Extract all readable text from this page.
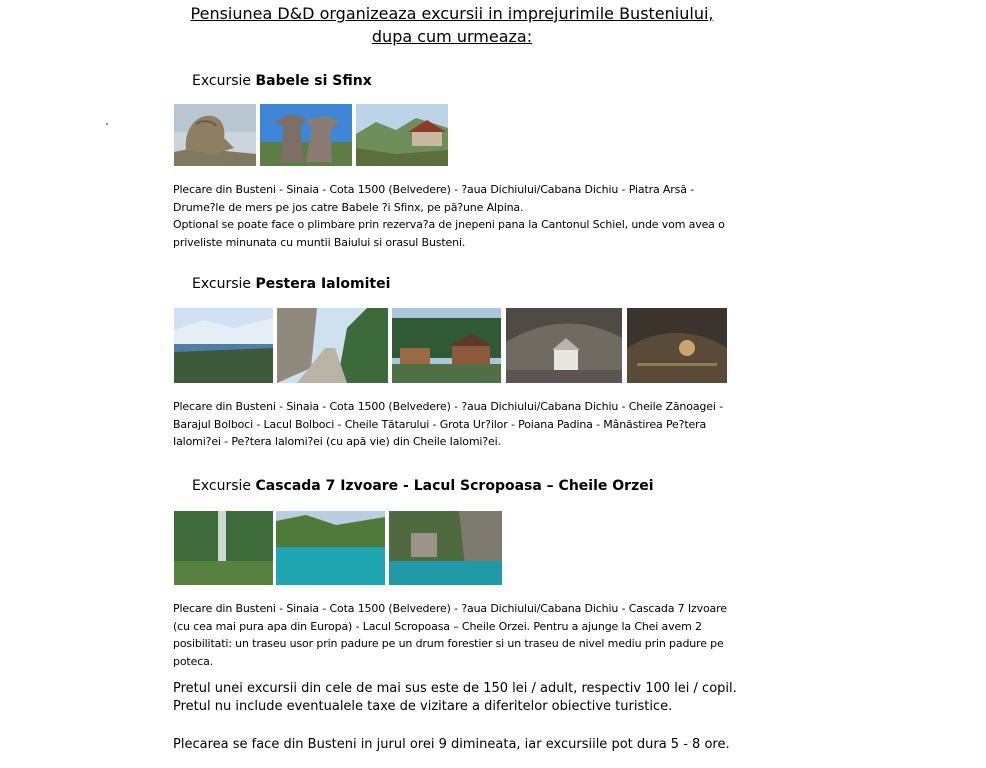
Pensiunea D&D organizeaza excursii in imprejurimile Busteniului,
dupa cum urmeaza:
Excursie Babele si Sfinx
Plecare din Busteni - Sinaia - Cota 1500 (Belvedere) - ?aua Dichiului/Cabana Dichiu - Piatra Arsă -
Drume?le de mers pe jos catre Babele ?i Sfinx, pe pă?une Alpina.
Optional se poate face o plimbare prin rezerva?a de jnepeni pana la Cantonul Schiel, unde vom avea o
priveliste minunata cu muntii Baiului si orasul Busteni.
Excursie Pestera Ialomitei
Plecare din Busteni - Sinaia - Cota 1500 (Belvedere) - ?aua Dichiului/Cabana Dichiu - Cheile Zănoagei -
Barajul Bolboci - Lacul Bolboci - Cheile Tătarului - Grota Ur?ilor - Poiana Padina - Mânăstirea Pe?tera
Ialomi?ei - Pe?tera Ialomi?ei (cu apă vie) din Cheile Ialomi?ei.
Excursie Cascada 7 Izvoare - Lacul Scropoasa – Cheile Orzei
Plecare din Busteni - Sinaia - Cota 1500 (Belvedere) - ?aua Dichiului/Cabana Dichiu - Cascada 7 Izvoare
(cu cea mai pura apa din Europa) - Lacul Scropoasa – Cheile Orzei. Pentru a ajunge la Chei avem 2
posibilitati: un traseu usor prin padure pe un drum forestier si un traseu de nivel mediu prin padure pe
poteca.
Pretul unei excursii din cele de mai sus este de 150 lei / adult, respectiv 100 lei / copil.
Pretul nu include eventualele taxe de vizitare a diferitelor obiective turistice.
Plecarea se face din Busteni in jurul orei 9 dimineata, iar excursiile pot dura 5 - 8 ore.
